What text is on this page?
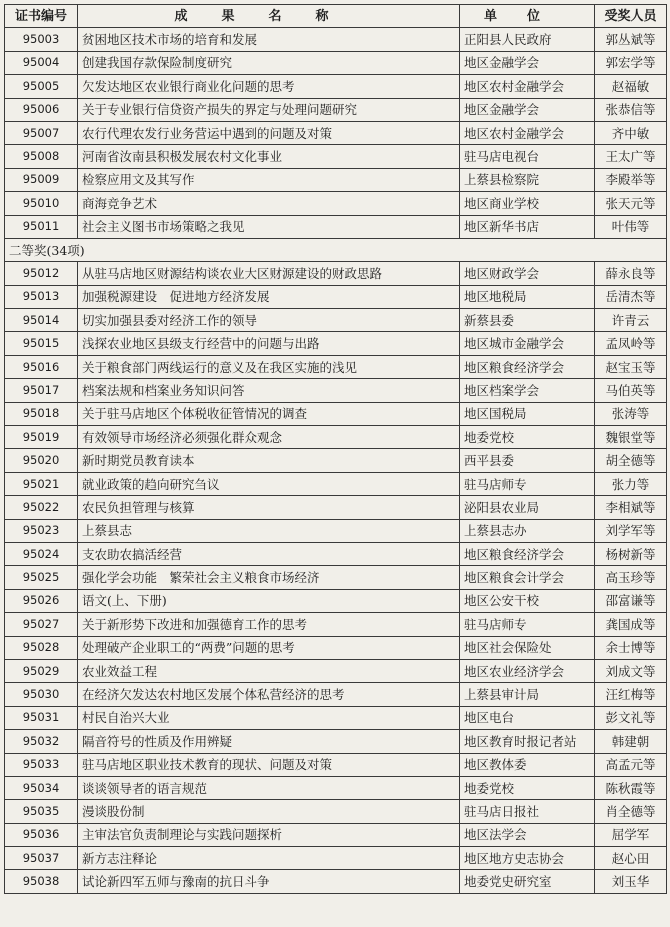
证书编号	成果名称	单位	受奖人员
95003	贫困地区技术市场的培育和发展	正阳县人民政府	郭丛斌等
95004	创建我国存款保险制度研究	地区金融学会	郭宏学等
95005	欠发达地区农业银行商业化问题的思考	地区农村金融学会	赵福敏
95006	关于专业银行信贷资产损失的界定与处理问题研究	地区金融学会	张恭信等
95007	农行代理农发行业务营运中遇到的问题及对策	地区农村金融学会	齐中敏
95008	河南省汝南县积极发展农村文化事业	驻马店电视台	王太广等
95009	检察应用文及其写作	上蔡县检察院	李殿举等
95010	商海竞争艺术	地区商业学校	张天元等
95011	社会主义图书市场策略之我见	地区新华书店	叶伟等
二等奖(34项)			
95012	从驻马店地区财源结构谈农业大区财源建设的财政思路	地区财政学会	薛永良等
95013	加强税源建设　促进地方经济发展	地区地税局	岳清杰等
95014	切实加强县委对经济工作的领导	新蔡县委	许青云
95015	浅探农业地区县级支行经营中的问题与出路	地区城市金融学会	孟凤岭等
95016	关于粮食部门两线运行的意义及在我区实施的浅见	地区粮食经济学会	赵宝玉等
95017	档案法规和档案业务知识问答	地区档案学会	马伯英等
95018	关于驻马店地区个体税收征管情况的调查	地区国税局	张涛等
95019	有效领导市场经济必须强化群众观念	地委党校	魏银堂等
95020	新时期党员教育读本	西平县委	胡全德等
95021	就业政策的趋向研究刍议	驻马店师专	张力等
95022	农民负担管理与核算	泌阳县农业局	李相斌等
95023	上蔡县志	上蔡县志办	刘学军等
95024	支农助农搞活经营	地区粮食经济学会	杨树新等
95025	强化学会功能　繁荣社会主义粮食市场经济	地区粮食会计学会	高玉珍等
95026	语文(上、下册)	地区公安干校	邵富谦等
95027	关于新形势下改进和加强德育工作的思考	驻马店师专	龚国成等
95028	处理破产企业职工的“两费”问题的思考	地区社会保险处	余士博等
95029	农业效益工程	地区农业经济学会	刘成文等
95030	在经济欠发达农村地区发展个体私营经济的思考	上蔡县审计局	汪红梅等
95031	村民自治兴大业	地区电台	彭文礼等
95032	隔音符号的性质及作用辨疑	地区教育时报记者站	韩建朝
95033	驻马店地区职业技术教育的现状、问题及对策	地区教体委	高孟元等
95034	谈谈领导者的语言规范	地委党校	陈秋霞等
95035	漫谈股份制	驻马店日报社	肖全德等
95036	主审法官负责制理论与实践问题探析	地区法学会	屈学军
95037	新方志注释论	地区地方史志协会	赵心田
95038	试论新四军五师与豫南的抗日斗争	地委党史研究室	刘玉华
